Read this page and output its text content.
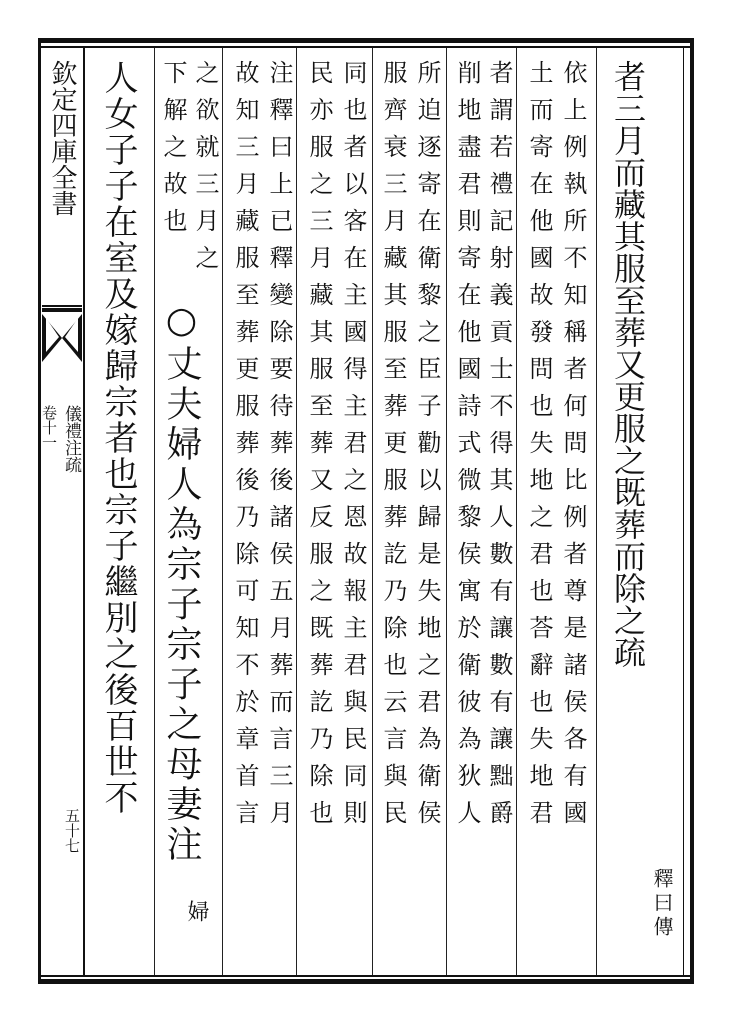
欽定四庫全書
儀禮注疏
卷十一
五十七
者三月而藏其服至葬又更服之既葬而除之疏
釋曰傳
依上例執所不知稱者何問比例者尊是諸侯各有國
土而寄在他國故發問也失地之君也荅辭也失地君
者謂若禮記射義貢士不得其人數有讓數有讓黜爵
削地盡君則寄在他國詩式微黎侯寓於衛彼為狄人
所迫逐寄在衛黎之臣子勸以歸是失地之君為衛侯
服齊衰三月藏其服至葬更服葬訖乃除也云言與民
同也者以客在主國得主君之恩故報主君與民同則
民亦服之三月藏其服至葬又反服之既葬訖乃除也
注釋曰上已釋變除要待葬後諸侯五月葬而言三月
故知三月藏服至葬更服葬後乃除可知不於章首言
之欲就三月之
下解之故也
○丈夫婦人為宗子宗子之母妻注
婦
人女子子在室及嫁歸宗者也宗子繼別之後百世不
